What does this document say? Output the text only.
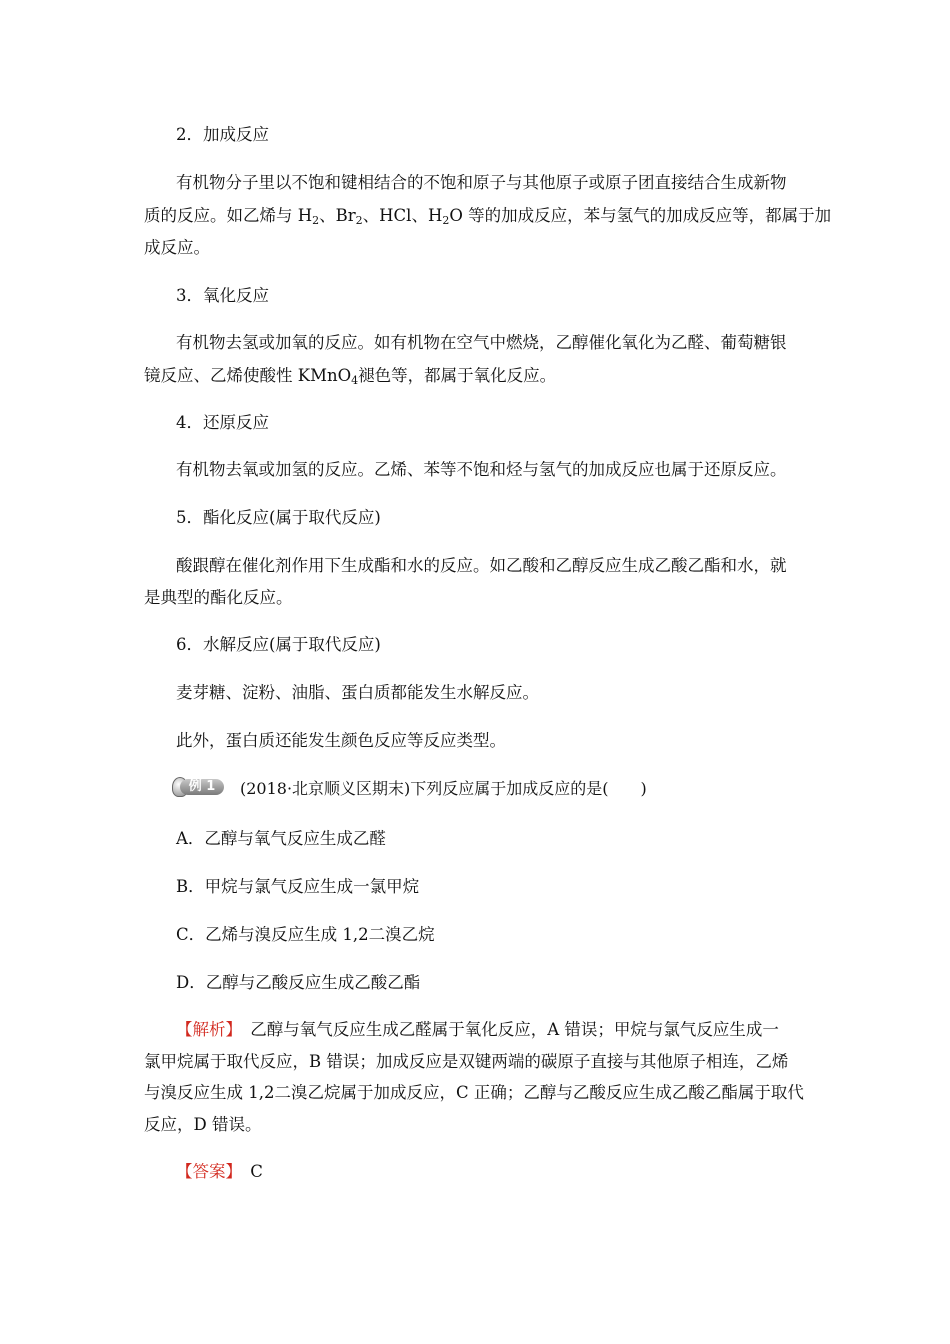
2．加成反应
有机物分子里以不饱和键相结合的不饱和原子与其他原子或原子团直接结合生成新物
质的反应。如乙烯与 $H_2$、$Br_2$、HCl、$H_2O$ 等的加成反应，苯与氢气的加成反应等，都属于加
成反应。
3．氧化反应
有机物去氢或加氧的反应。如有机物在空气中燃烧，乙醇催化氧化为乙醛、葡萄糖银
镜反应、乙烯使酸性 KMnO$_4$褪色等，都属于氧化反应。
4．还原反应
有机物去氧或加氢的反应。乙烯、苯等不饱和烃与氢气的加成反应也属于还原反应。
5．酯化反应(属于取代反应)
酸跟醇在催化剂作用下生成酯和水的反应。如乙酸和乙醇反应生成乙酸乙酯和水，就
是典型的酯化反应。
6．水解反应(属于取代反应)
麦芽糖、淀粉、油脂、蛋白质都能发生水解反应。
此外，蛋白质还能发生颜色反应等反应类型。
例 1	(2018·北京顺义区期末)下列反应属于加成反应的是(　　)
A．乙醇与氧气反应生成乙醛
B．甲烷与氯气反应生成一氯甲烷
C．乙烯与溴反应生成 1,2二溴乙烷
D．乙醇与乙酸反应生成乙酸乙酯
【解析】　乙醇与氧气反应生成乙醛属于氧化反应，A 错误；甲烷与氯气反应生成一
氯甲烷属于取代反应，B 错误；加成反应是双键两端的碳原子直接与其他原子相连，乙烯
与溴反应生成 1,2二溴乙烷属于加成反应，C 正确；乙醇与乙酸反应生成乙酸乙酯属于取代
反应，D 错误。
【答案】　C
